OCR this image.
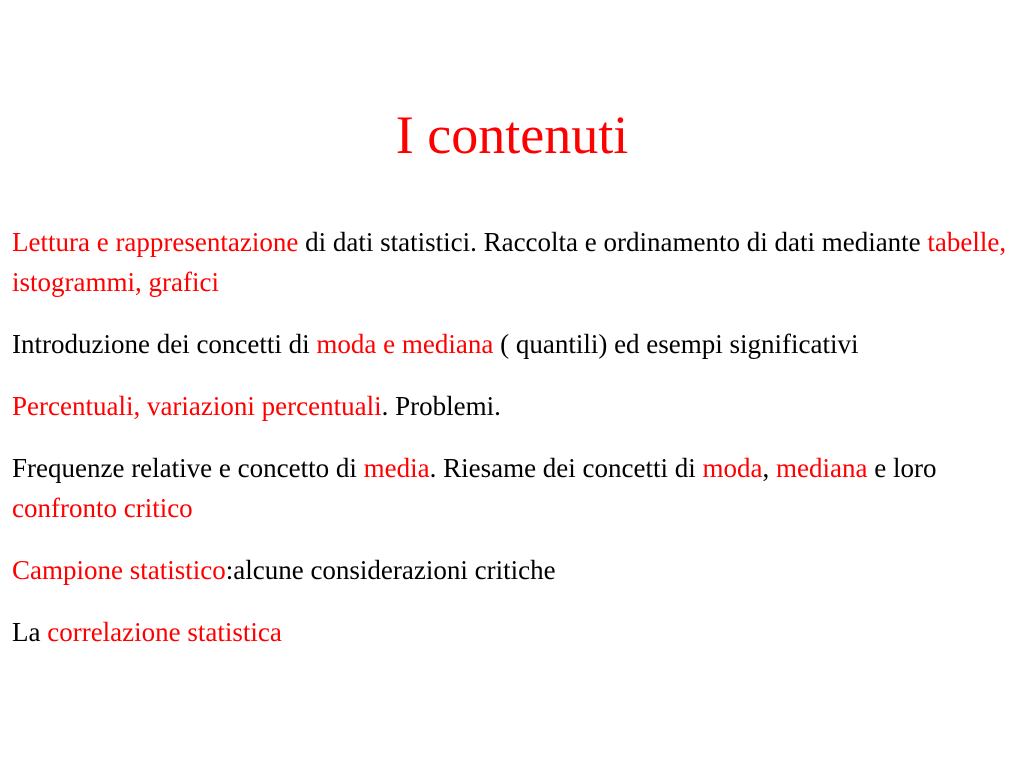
I contenuti

Lettura e rappresentazione di dati statistici. Raccolta e ordinamento di dati mediante tabelle, istogrammi, grafici

Introduzione dei concetti di moda e mediana ( quantili) ed esempi significativi

Percentuali, variazioni percentuali. Problemi.

Frequenze relative e concetto di media. Riesame dei concetti di moda, mediana e loro confronto critico

Campione statistico:alcune considerazioni critiche

La correlazione statistica
